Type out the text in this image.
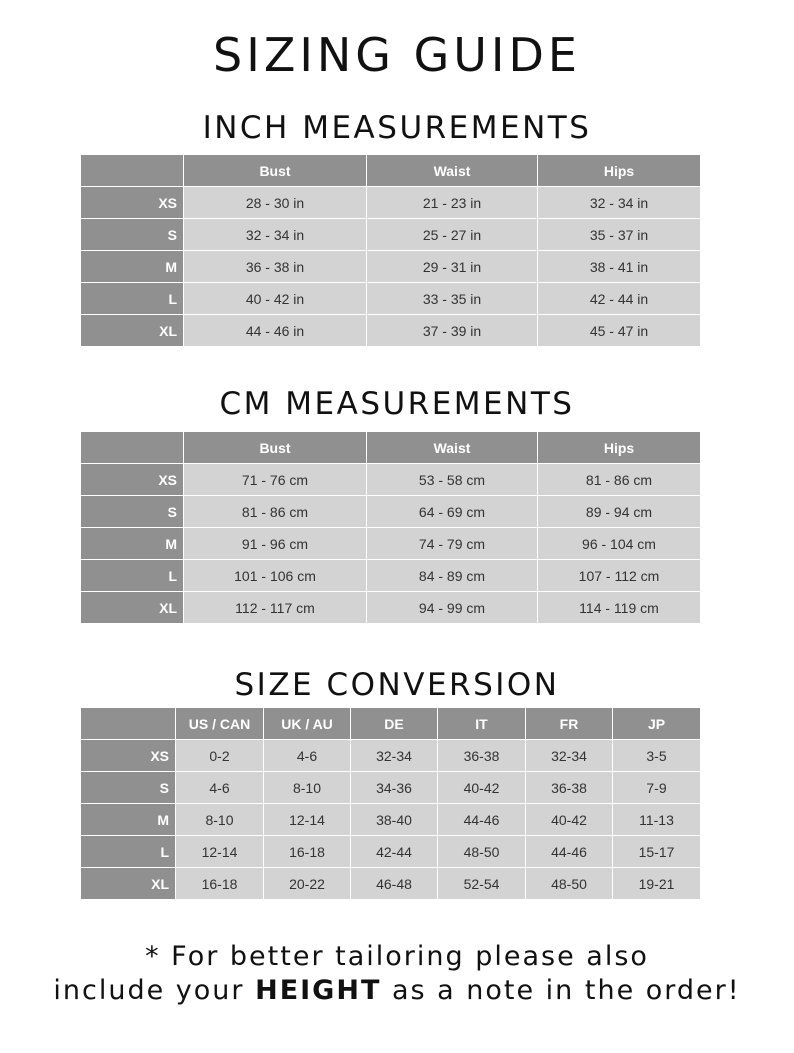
SIZING GUIDE
INCH MEASUREMENTS
	Bust	Waist	Hips
XS	28 - 30 in	21 - 23 in	32 - 34 in
S	32 - 34 in	25 - 27 in	35 - 37 in
M	36 - 38 in	29 - 31 in	38 - 41 in
L	40 - 42 in	33 - 35 in	42 - 44 in
XL	44 - 46 in	37 - 39 in	45 - 47 in
CM MEASUREMENTS
	Bust	Waist	Hips
XS	71 - 76 cm	53 - 58 cm	81 - 86 cm
S	81 - 86 cm	64 - 69 cm	89 - 94 cm
M	91 - 96 cm	74 - 79 cm	96 - 104 cm
L	101 - 106 cm	84 - 89 cm	107 - 112 cm
XL	112 - 117 cm	94 - 99 cm	114 - 119 cm
SIZE CONVERSION
	US / CAN	UK / AU	DE	IT	FR	JP
XS	0-2	4-6	32-34	36-38	32-34	3-5
S	4-6	8-10	34-36	40-42	36-38	7-9
M	8-10	12-14	38-40	44-46	40-42	11-13
L	12-14	16-18	42-44	48-50	44-46	15-17
XL	16-18	20-22	46-48	52-54	48-50	19-21

* For better tailoring please also
include your HEIGHT as a note in the order!
